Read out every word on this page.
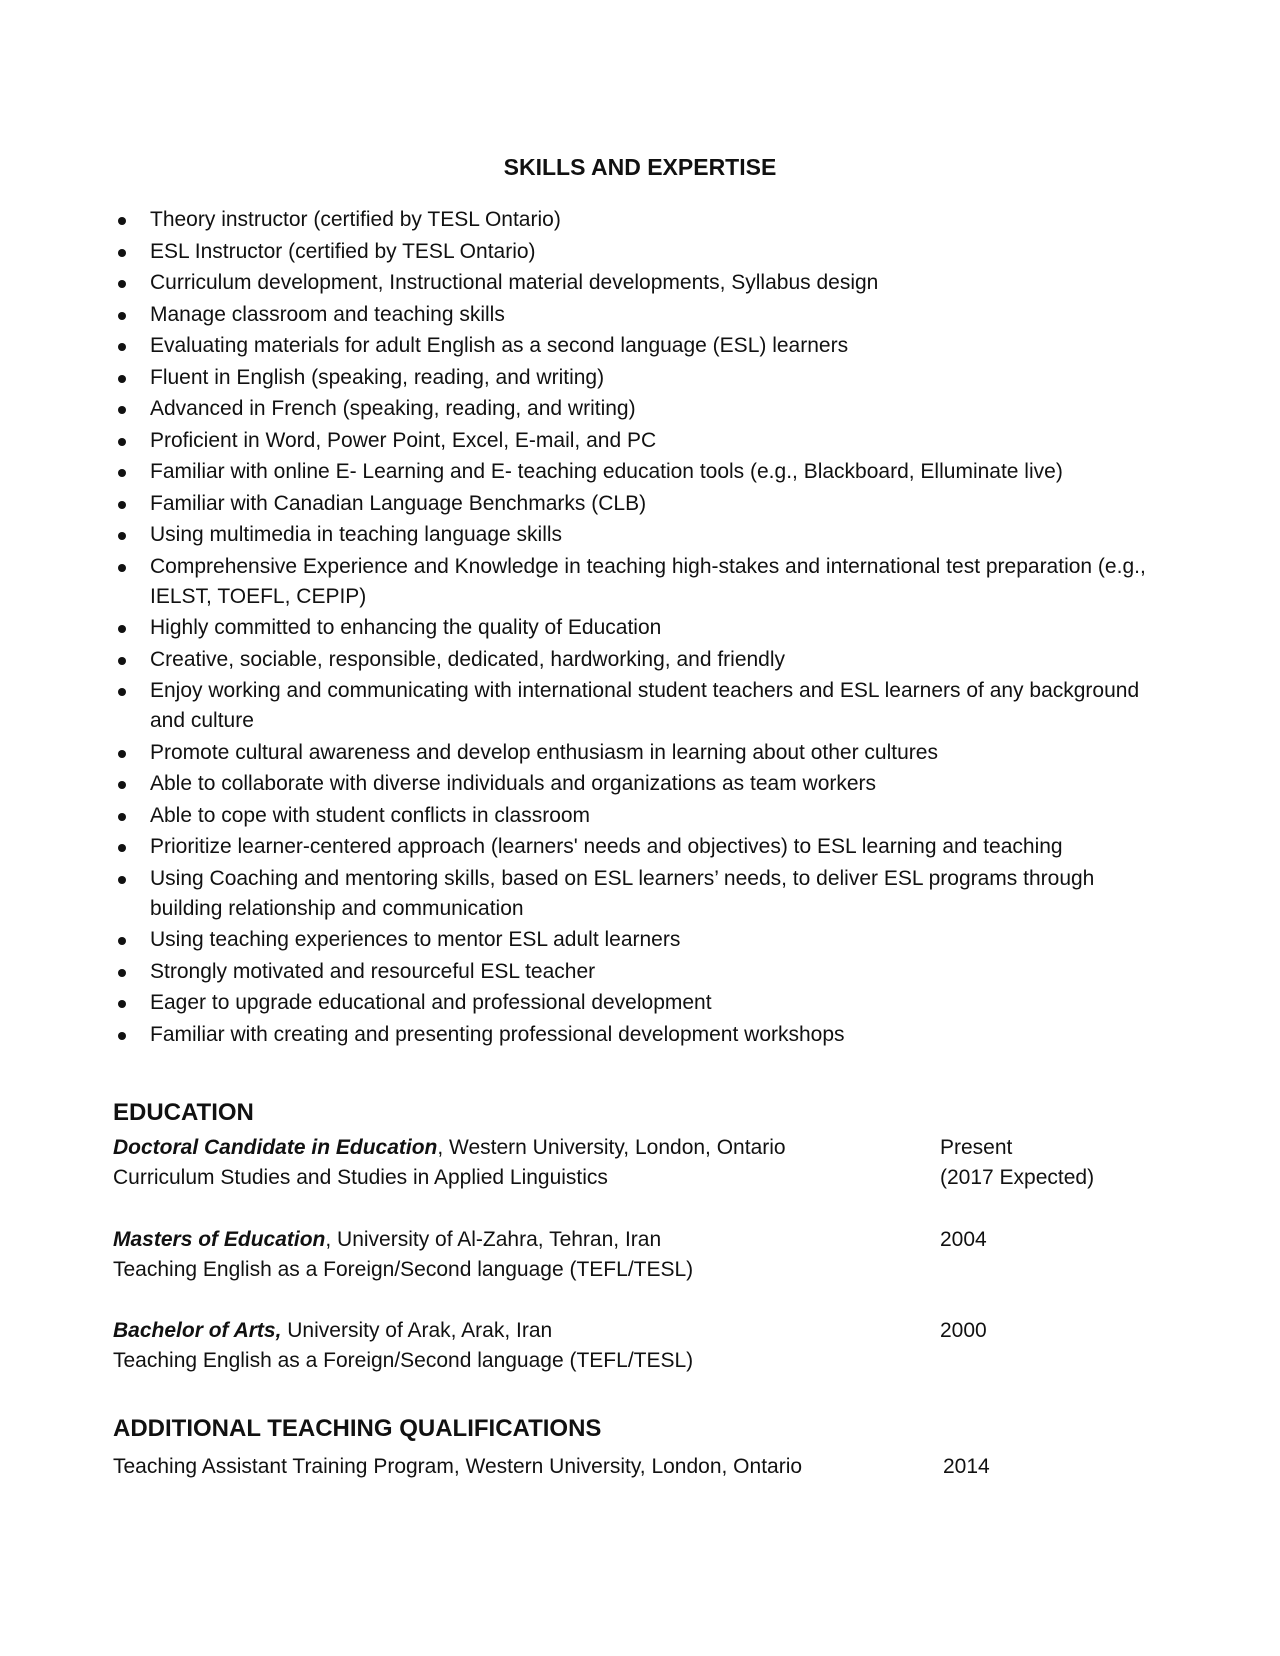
SKILLS AND EXPERTISE
Theory instructor (certified by TESL Ontario)
ESL Instructor (certified by TESL Ontario)
Curriculum development, Instructional material developments, Syllabus design
Manage classroom and teaching skills
Evaluating materials for adult English as a second language (ESL) learners
Fluent in English (speaking, reading, and writing)
Advanced in French (speaking, reading, and writing)
Proficient in Word, Power Point, Excel, E-mail, and PC
Familiar with online E- Learning and E- teaching education tools (e.g., Blackboard, Elluminate live)
Familiar with Canadian Language Benchmarks (CLB)
Using multimedia in teaching language skills
Comprehensive Experience and Knowledge in teaching high-stakes and international test preparation (e.g., IELST, TOEFL, CEPIP)
Highly committed to enhancing the quality of Education
Creative, sociable, responsible, dedicated, hardworking, and friendly
Enjoy working and communicating with international student teachers and ESL learners of any background and culture
Promote cultural awareness and develop enthusiasm in learning about other cultures
Able to collaborate with diverse individuals and organizations as team workers
Able to cope with student conflicts in classroom
Prioritize learner-centered approach (learners' needs and objectives) to ESL learning and teaching
Using Coaching and mentoring skills, based on ESL learners’ needs, to deliver ESL programs through building relationship and communication
Using teaching experiences to mentor ESL adult learners
Strongly motivated and resourceful ESL teacher
Eager to upgrade educational and professional development
Familiar with creating and presenting professional development workshops
EDUCATION
Doctoral Candidate in Education, Western University, London, Ontario	Present
Curriculum Studies and Studies in Applied Linguistics	(2017 Expected)
Masters of Education, University of Al-Zahra, Tehran, Iran	2004
Teaching English as a Foreign/Second language (TEFL/TESL)
Bachelor of Arts, University of Arak, Arak, Iran	2000
Teaching English as a Foreign/Second language (TEFL/TESL)
ADDITIONAL TEACHING QUALIFICATIONS
Teaching Assistant Training Program, Western University, London, Ontario	2014
